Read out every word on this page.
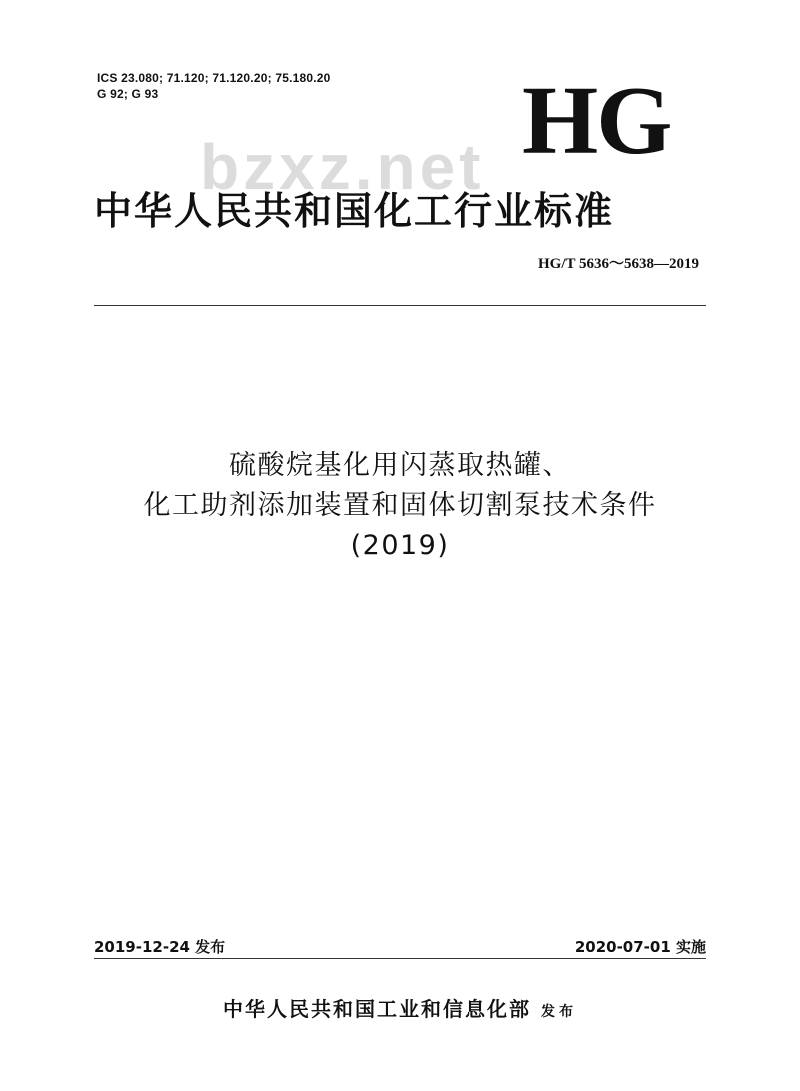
ICS 23.080; 71.120; 71.120.20; 75.180.20
G 92; G 93
bzxz.net HG
中华人民共和国化工行业标准
HG/T 5636～5638—2019
硫酸烷基化用闪蒸取热罐、
化工助剂添加装置和固体切割泵技术条件
(2019)
2019-12-24 发布	2020-07-01 实施
中华人民共和国工业和信息化部 发布
